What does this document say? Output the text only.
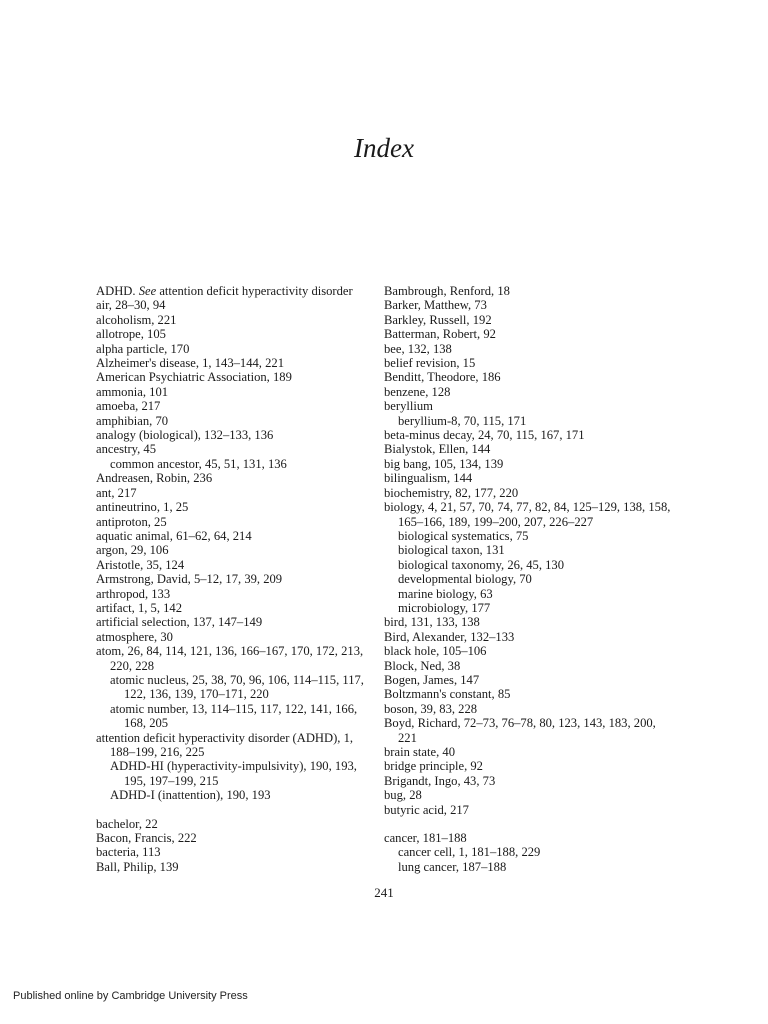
Index
ADHD. See attention deficit hyperactivity disorder
air, 28–30, 94
alcoholism, 221
allotrope, 105
alpha particle, 170
Alzheimer's disease, 1, 143–144, 221
American Psychiatric Association, 189
ammonia, 101
amoeba, 217
amphibian, 70
analogy (biological), 132–133, 136
ancestry, 45
common ancestor, 45, 51, 131, 136
Andreasen, Robin, 236
ant, 217
antineutrino, 1, 25
antiproton, 25
aquatic animal, 61–62, 64, 214
argon, 29, 106
Aristotle, 35, 124
Armstrong, David, 5–12, 17, 39, 209
arthropod, 133
artifact, 1, 5, 142
artificial selection, 137, 147–149
atmosphere, 30
atom, 26, 84, 114, 121, 136, 166–167, 170, 172, 213, 220, 228
atomic nucleus, 25, 38, 70, 96, 106, 114–115, 117, 122, 136, 139, 170–171, 220
atomic number, 13, 114–115, 117, 122, 141, 166, 168, 205
attention deficit hyperactivity disorder (ADHD), 1, 188–199, 216, 225
ADHD-HI (hyperactivity-impulsivity), 190, 193, 195, 197–199, 215
ADHD-I (inattention), 190, 193
bachelor, 22
Bacon, Francis, 222
bacteria, 113
Ball, Philip, 139
Bambrough, Renford, 18
Barker, Matthew, 73
Barkley, Russell, 192
Batterman, Robert, 92
bee, 132, 138
belief revision, 15
Benditt, Theodore, 186
benzene, 128
beryllium
beryllium-8, 70, 115, 171
beta-minus decay, 24, 70, 115, 167, 171
Bialystok, Ellen, 144
big bang, 105, 134, 139
bilingualism, 144
biochemistry, 82, 177, 220
biology, 4, 21, 57, 70, 74, 77, 82, 84, 125–129, 138, 158, 165–166, 189, 199–200, 207, 226–227
biological systematics, 75
biological taxon, 131
biological taxonomy, 26, 45, 130
developmental biology, 70
marine biology, 63
microbiology, 177
bird, 131, 133, 138
Bird, Alexander, 132–133
black hole, 105–106
Block, Ned, 38
Bogen, James, 147
Boltzmann's constant, 85
boson, 39, 83, 228
Boyd, Richard, 72–73, 76–78, 80, 123, 143, 183, 200, 221
brain state, 40
bridge principle, 92
Brigandt, Ingo, 43, 73
bug, 28
butyric acid, 217
cancer, 181–188
cancer cell, 1, 181–188, 229
lung cancer, 187–188
241
Published online by Cambridge University Press
